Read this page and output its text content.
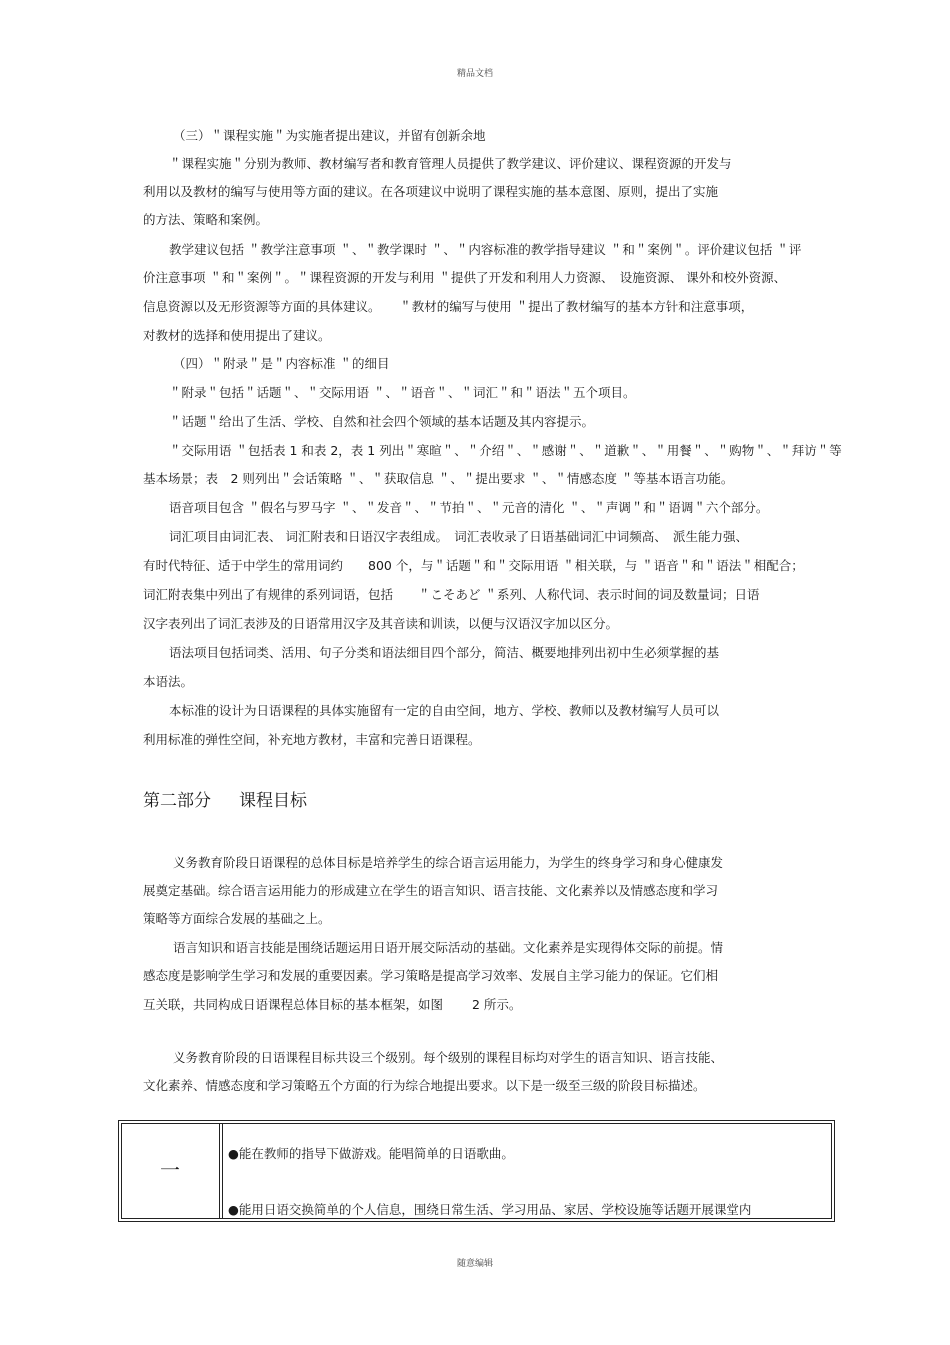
精品文档
（三）＂课程实施＂为实施者提出建议，并留有创新余地
＂课程实施＂分别为教师、教材编写者和教育管理人员提供了教学建议、评价建议、课程资源的开发与
利用以及教材的编写与使用等方面的建议。在各项建议中说明了课程实施的基本意图、原则，提出了实施
的方法、策略和案例。
教学建议包括 ＂教学注意事项 ＂、＂教学课时 ＂、＂内容标准的教学指导建议 ＂和＂案例＂。评价建议包括 ＂评
价注意事项 ＂和＂案例＂。＂课程资源的开发与利用 ＂提供了开发和利用人力资源、　设施资源、 课外和校外资源、
信息资源以及无形资源等方面的具体建议。　　＂教材的编写与使用 ＂提出了教材编写的基本方针和注意事项，
对教材的选择和使用提出了建议。
（四）＂附录＂是＂内容标准 ＂的细目
＂附录＂包括＂话题＂、＂交际用语 ＂、＂语音＂、＂词汇＂和＂语法＂五个项目。
＂话题＂给出了生活、学校、自然和社会四个领域的基本话题及其内容提示。
＂交际用语 ＂包括表 1 和表 2，表 1 列出＂寒暄＂、＂介绍＂、＂感谢＂、＂道歉＂、＂用餐＂、＂购物＂、＂拜访＂等
基本场景；表　2 则列出＂会话策略 ＂、＂获取信息 ＂、＂提出要求 ＂、＂情感态度 ＂等基本语言功能。
语音项目包含 ＂假名与罗马字 ＂、＂发音＂、＂节拍＂、＂元音的清化 ＂、＂声调＂和＂语调＂六个部分。
词汇项目由词汇表、 词汇附表和日语汉字表组成。　词汇表收录了日语基础词汇中词频高、　派生能力强、
有时代特征、适于中学生的常用词约　　800 个，与＂话题＂和＂交际用语 ＂相关联，与 ＂语音＂和＂语法＂相配合；
词汇附表集中列出了有规律的系列词语，包括　　＂こそあど ＂系列、人称代词、表示时间的词及数量词；日语
汉字表列出了词汇表涉及的日语常用汉字及其音读和训读，以便与汉语汉字加以区分。
语法项目包括词类、活用、句子分类和语法细目四个部分，简洁、概要地排列出初中生必须掌握的基
本语法。
本标准的设计为日语课程的具体实施留有一定的自由空间，地方、学校、教师以及教材编写人员可以
利用标准的弹性空间，补充地方教材，丰富和完善日语课程。
第二部分 课程目标
义务教育阶段日语课程的总体目标是培养学生的综合语言运用能力，为学生的终身学习和身心健康发
展奠定基础。综合语言运用能力的形成建立在学生的语言知识、语言技能、文化素养以及情感态度和学习
策略等方面综合发展的基础之上。
语言知识和语言技能是围绕话题运用日语开展交际活动的基础。文化素养是实现得体交际的前提。情
感态度是影响学生学习和发展的重要因素。学习策略是提高学习效率、发展自主学习能力的保证。它们相
互关联，共同构成日语课程总体目标的基本框架，如图　　 2 所示。
义务教育阶段的日语课程目标共设三个级别。每个级别的课程目标均对学生的语言知识、语言技能、
文化素养、情感态度和学习策略五个方面的行为综合地提出要求。以下是一级至三级的阶段目标描述。
一
●能在教师的指导下做游戏。能唱简单的日语歌曲。
●能用日语交换简单的个人信息，围绕日常生活、学习用品、家居、学校设施等话题开展课堂内
随意编辑
